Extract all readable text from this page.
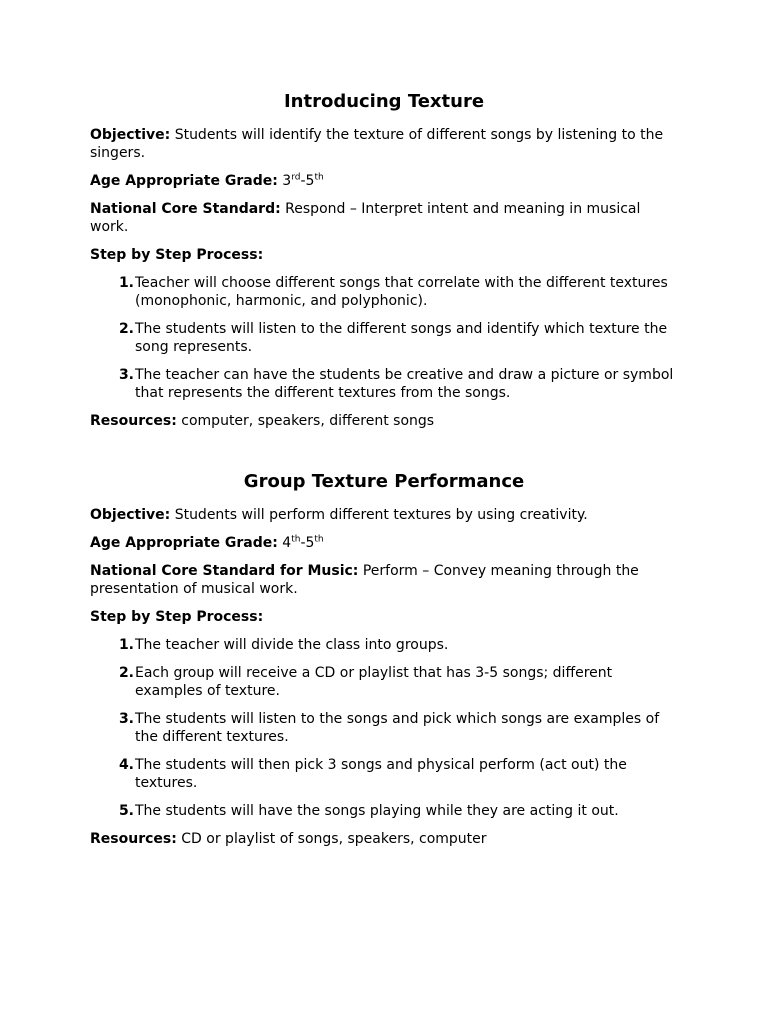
Introducing Texture

Objective: Students will identify the texture of different songs by listening to the singers.

Age Appropriate Grade: 3rd-5th

National Core Standard: Respond – Interpret intent and meaning in musical work.

Step by Step Process:

1. Teacher will choose different songs that correlate with the different textures (monophonic, harmonic, and polyphonic).
2. The students will listen to the different songs and identify which texture the song represents.
3. The teacher can have the students be creative and draw a picture or symbol that represents the different textures from the songs.

Resources: computer, speakers, different songs

Group Texture Performance

Objective: Students will perform different textures by using creativity.

Age Appropriate Grade: 4th-5th

National Core Standard for Music: Perform – Convey meaning through the presentation of musical work.

Step by Step Process:

1. The teacher will divide the class into groups.
2. Each group will receive a CD or playlist that has 3-5 songs; different examples of texture.
3. The students will listen to the songs and pick which songs are examples of the different textures.
4. The students will then pick 3 songs and physical perform (act out) the textures.
5. The students will have the songs playing while they are acting it out.

Resources: CD or playlist of songs, speakers, computer
